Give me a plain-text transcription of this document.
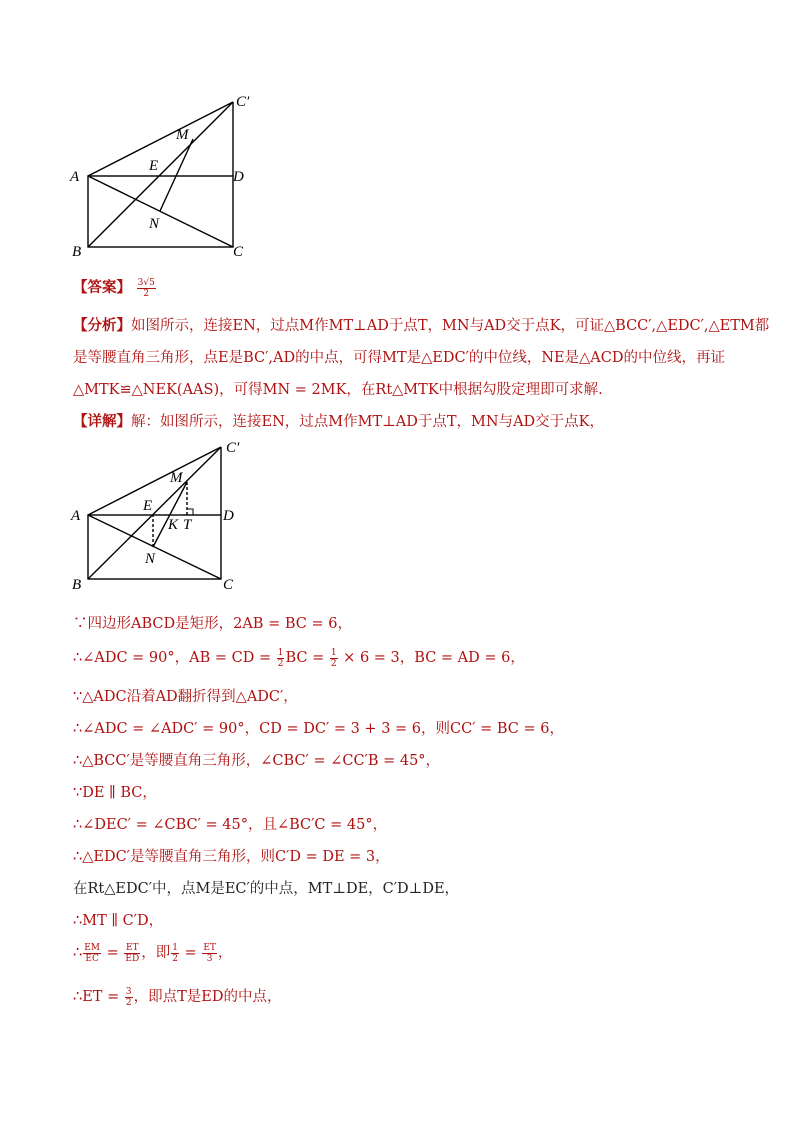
A
B	C
D
C′
M
E
N
【答案】 $\frac{3√5}{2}$
【分析】如图所示，连接EN，过点M作MT⊥AD于点T，MN与AD交于点K，可证△BCC′,△EDC′,△ETM都
是等腰直角三角形，点E是BC′,AD的中点，可得MT是△EDC′的中位线，NE是△ACD的中位线，再证
△MTK≌△NEK(AAS)，可得MN = 2MK，在Rt△MTK中根据勾股定理即可求解.
【详解】解：如图所示，连接EN，过点M作MT⊥AD于点T，MN与AD交于点K，
A
B	C
D
C′
M
E
N
K T
∵四边形ABCD是矩形，2AB = BC = 6，
∴∠ADC = 90°，AB = CD = $\frac{1}{2}$ BC = $\frac{1}{2} \times 6 = 3$，BC = AD = 6，
∵△ADC沿着AD翻折得到△ADC′，
∴∠ADC = ∠ADC′ = 90°，CD = DC′ = 3 + 3 = 6，则CC′ = BC = 6，
∴△BCC′是等腰直角三角形，∠CBC′ = ∠CC′B = 45°，
∵DE ∥ BC，
∴∠DEC′ = ∠CBC′ = 45°，且∠BC′C = 45°，
∴△EDC′是等腰直角三角形，则C′D = DE = 3，
在Rt△EDC′中，点M是EC′的中点，MT⊥DE，C′D⊥DE，
∴MT ∥ C′D，
∴ $\frac{EM}{EC} = \frac{ET}{ED}$ ，即 $\frac{1}{2} = \frac{ET}{3}$ ，
∴ET = $\frac{3}{2}$ ，即点T是ED的中点，
